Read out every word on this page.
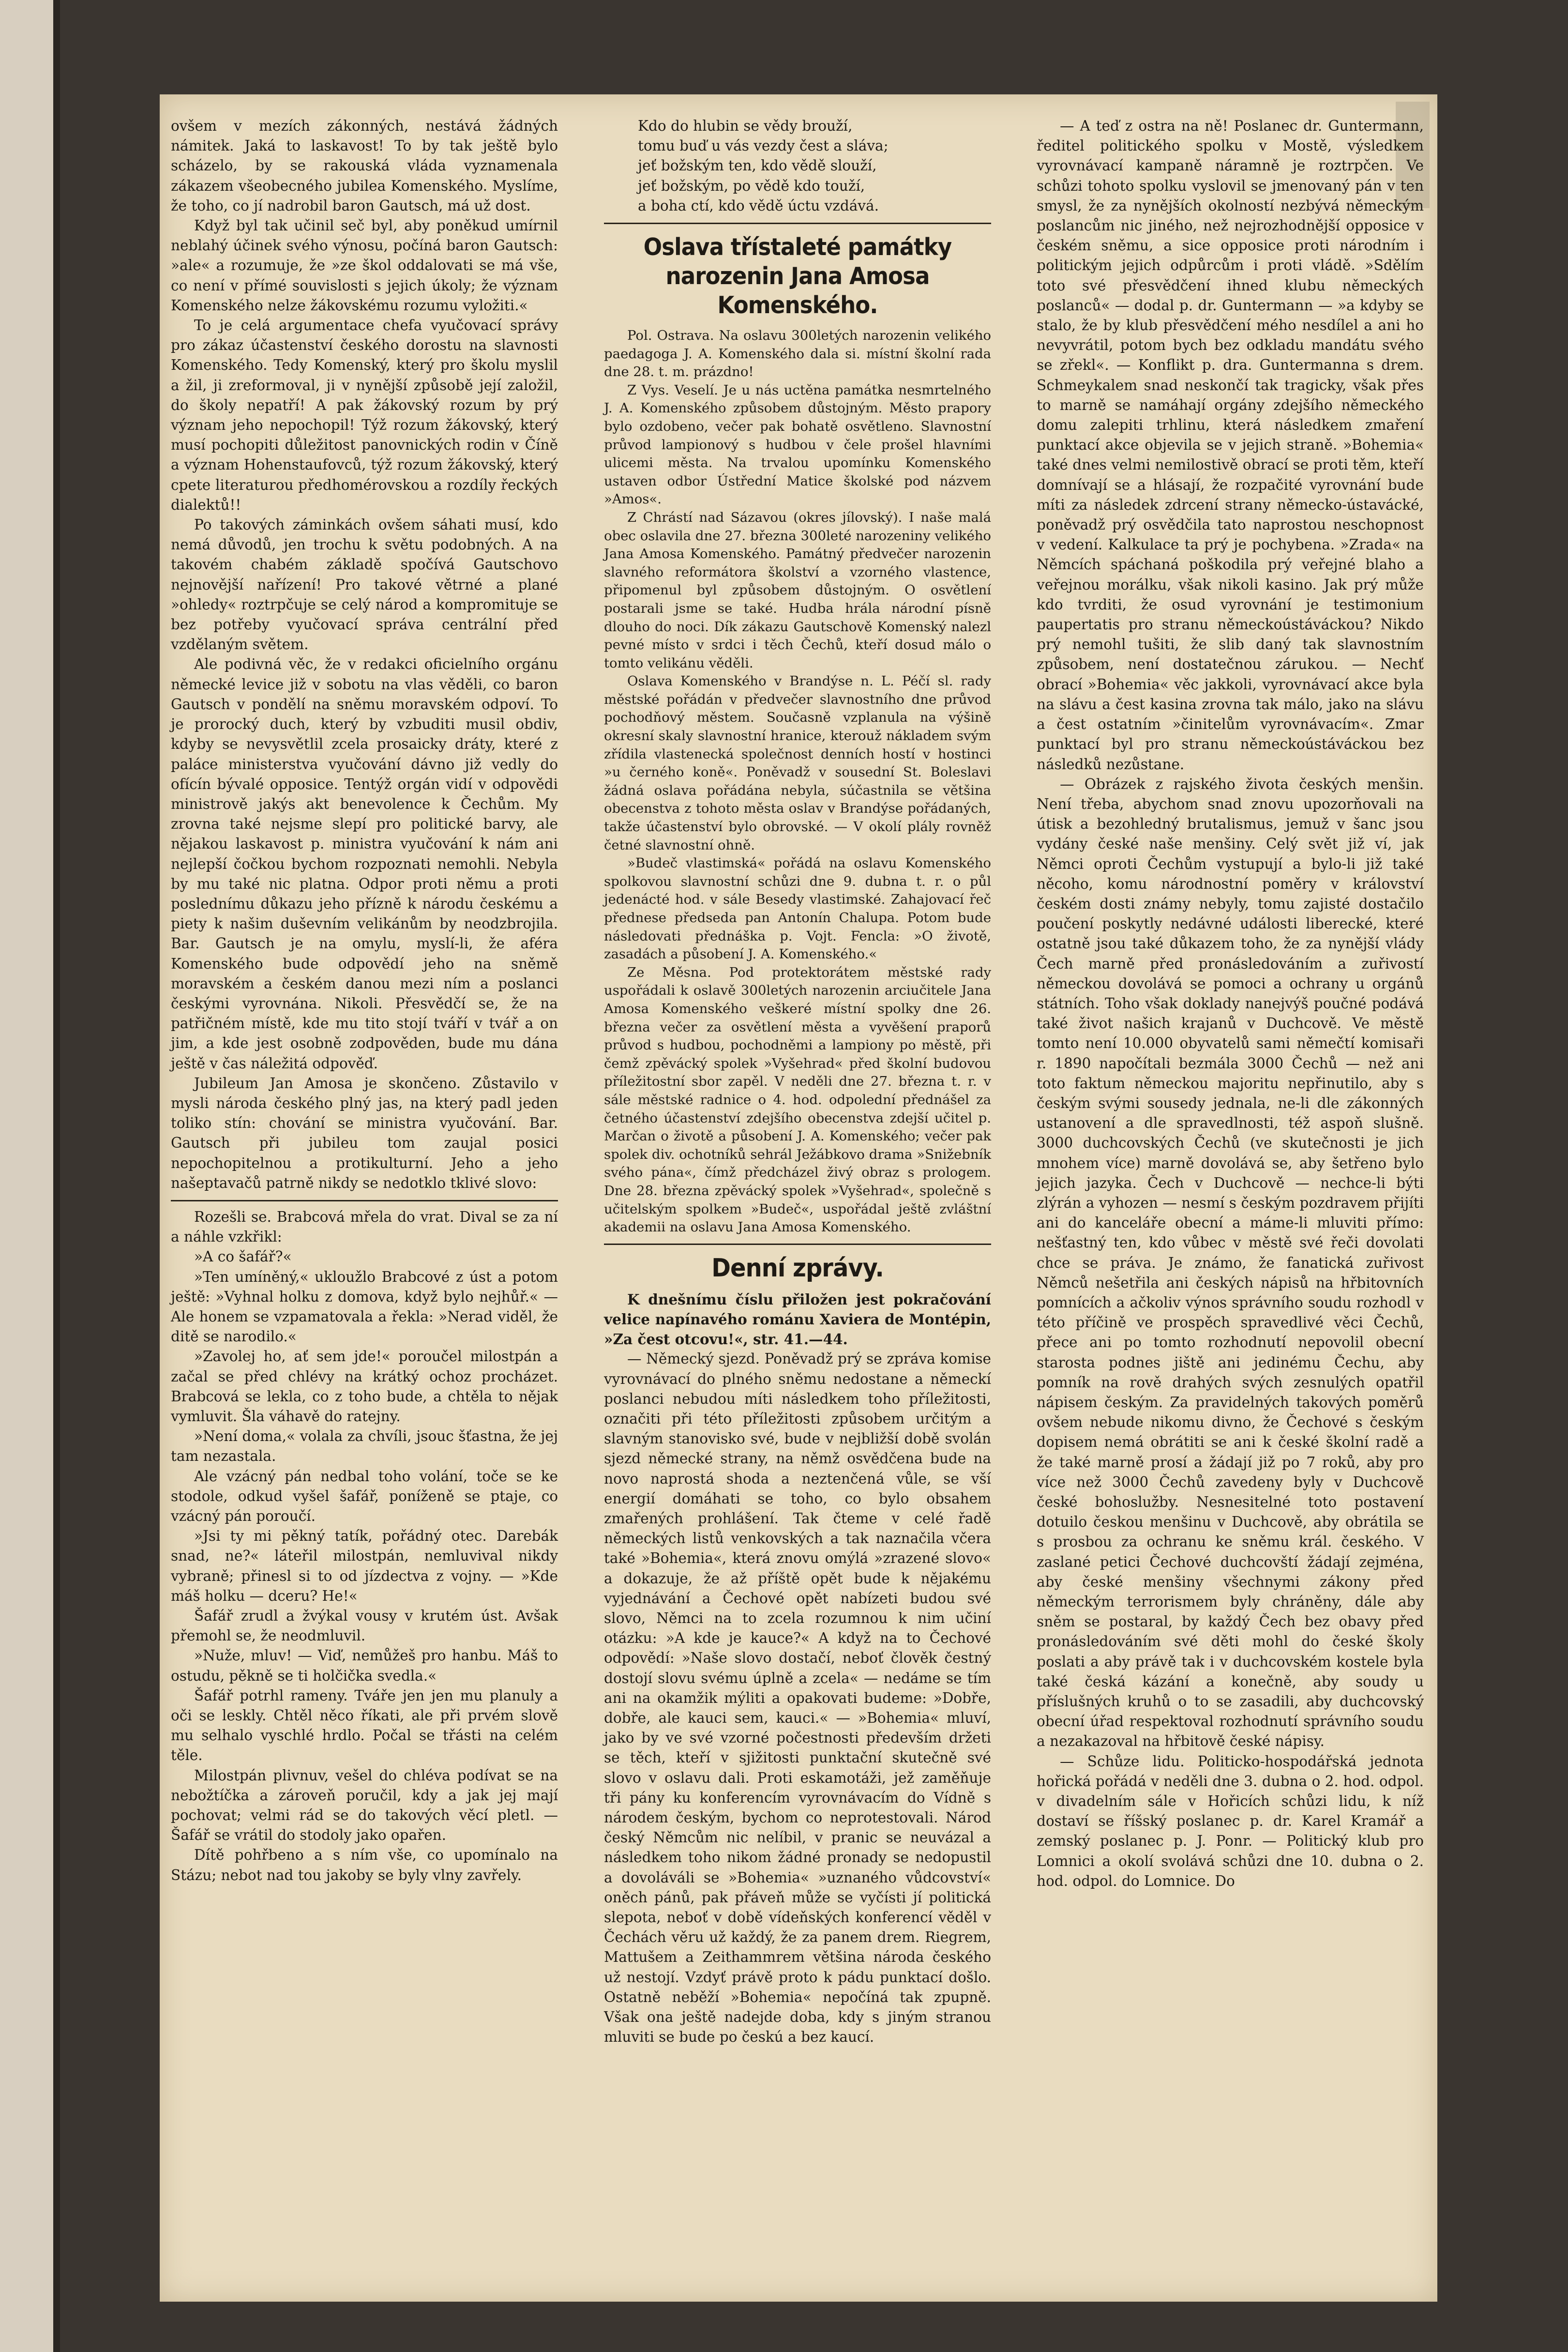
ovšem v mezích zákonných, nestává žádných námitek. Jaká to laskavost! To by tak ještě bylo scházelo, by se rakouská vláda vyznamenala zákazem všeobecného jubilea Komenského. Myslíme, že toho, co jí nadrobil baron Gautsch, má už dost.

Když byl tak učinil seč byl, aby poněkud umírnil neblahý účinek svého výnosu, počíná baron Gautsch: »ale« a rozumuje, že »ze škol oddalovati se má vše, co není v přímé souvislosti s jejich úkoly; že význam Komenského nelze žákovskému rozumu vyložiti.«

To je celá argumentace chefa vyučovací správy pro zákaz účastenství českého dorostu na slavnosti Komenského. Tedy Komenský, který pro školu myslil a žil, ji zreformoval, ji v nynější způsobě její založil, do školy nepatří! A pak žákovský rozum by prý význam jeho nepochopil! Týž rozum žákovský, který musí pochopiti důležitost panovnických rodin v Číně a význam Hohenstaufovců, týž rozum žákovský, který cpete literaturou předhomérovskou a rozdíly řeckých dialektů!!

Po takových záminkách ovšem sáhati musí, kdo nemá důvodů, jen trochu k světu podobných. A na takovém chabém základě spočívá Gautschovo nejnovější nařízení! Pro takové větrné a plané »ohledy« roztrpčuje se celý národ a kompromituje se bez potřeby vyučovací správa centrální před vzdělaným světem.

Ale podivná věc, že v redakci oficielního orgánu německé levice již v sobotu na vlas věděli, co baron Gautsch v pondělí na sněmu moravském odpoví. To je prorocký duch, který by vzbuditi musil obdiv, kdyby se nevysvětlil zcela prosaicky dráty, které z paláce ministerstva vyučování dávno již vedly do ofícín bývalé opposice. Tentýž orgán vidí v odpovědi ministrově jakýs akt benevolence k Čechům. My zrovna také nejsme slepí pro politické barvy, ale nějakou laskavost p. ministra vyučování k nám ani nejlepší čočkou bychom rozpoznati nemohli. Nebyla by mu také nic platna. Odpor proti němu a proti poslednímu důkazu jeho přízně k národu českému a piety k našim duševním velikánům by neodzbrojila. Bar. Gautsch je na omylu, myslí-li, že aféra Komenského bude odpovědí jeho na sněmě moravském a českém danou mezi ním a poslanci českými vyrovnána. Nikoli. Přesvědčí se, že na patřičném místě, kde mu tito stojí tváří v tvář a on jim, a kde jest osobně zodpověden, bude mu dána ještě v čas náležitá odpověď.

Jubileum Jan Amosa je skončeno. Zůstavilo v mysli národa českého plný jas, na který padl jeden toliko stín: chování se ministra vyučování. Bar. Gautsch při jubileu tom zaujal posici nepochopitelnou a protikulturní. Jeho a jeho našeptavačů patrně nikdy se nedotklo tklivé slovo:

Rozešli se. Brabcová mřela do vrat. Dival se za ní a náhle vzkřikl:

»A co šafář?«

»Ten umíněný,« ukloužlo Brabcové z úst a potom ještě: »Vyhnal holku z domova, když bylo nejhůř.« — Ale honem se vzpamatovala a řekla: »Nerad viděl, že ditě se narodilo.«

»Zavolej ho, ať sem jde!« poroučel milostpán a začal se před chlévy na krátký ochoz procházet. Brabcová se lekla, co z toho bude, a chtěla to nějak vymluvit. Šla váhavě do ratejny.

»Není doma,« volala za chvíli, jsouc šťastna, že jej tam nezastala.

Ale vzácný pán nedbal toho volání, toče se ke stodole, odkud vyšel šafář, poníženě se ptaje, co vzácný pán poroučí.

»Jsi ty mi pěkný tatík, pořádný otec. Darebák snad, ne?« láteřil milostpán, nemluvival nikdy vybraně; přinesl si to od jízdectva z vojny. — »Kde máš holku — dceru? He!«

Šafář zrudl a žvýkal vousy v krutém úst. Avšak přemohl se, že neodmluvil.

»Nuže, mluv! — Viď, nemůžeš pro hanbu. Máš to ostudu, pěkně se ti holčička svedla.«

Šafář potrhl rameny. Tváře jen jen mu planuly a oči se leskly. Chtěl něco říkati, ale při prvém slově mu selhalo vyschlé hrdlo. Počal se třásti na celém těle.

Milostpán plivnuv, vešel do chléva podívat se na nebožtíčka a zároveň poručil, kdy a jak jej mají pochovat; velmi rád se do takových věcí pletl. — Šafář se vrátil do stodoly jako opařen.

Dítě pohřbeno a s ním vše, co upomínalo na Stázu; nebot nad tou jakoby se byly vlny zavřely.

Kdo do hlubin se vědy brouží,

tomu buď u vás vezdy čest a sláva;

jeť božským ten, kdo vědě slouží,

jeť božským, po vědě kdo touží,

a boha ctí, kdo vědě úctu vzdává.

Oslava třístaleté památky narozenin Jana Amosa Komenského.

Pol. Ostrava. Na oslavu 300letých narozenin velikého paedagoga J. A. Komenského dala si. místní školní rada dne 28. t. m. prázdno!

Z Vys. Veselí. Je u nás uctěna památka nesmrtelného J. A. Komenského způsobem důstojným. Město prapory bylo ozdobeno, večer pak bohatě osvětleno. Slavnostní průvod lampionový s hudbou v čele prošel hlavními ulicemi města. Na trvalou upomínku Komenského ustaven odbor Ústřední Matice školské pod názvem »Amos«.

Z Chrástí nad Sázavou (okres jílovský). I naše malá obec oslavila dne 27. března 300leté narozeniny velikého Jana Amosa Komenského. Památný předvečer narozenin slavného reformátora školství a vzorného vlastence, připomenul byl způsobem důstojným. O osvětlení postarali jsme se také. Hudba hrála národní písně dlouho do noci. Dík zákazu Gautschově Komenský nalezl pevné místo v srdci i těch Čechů, kteří dosud málo o tomto velikánu věděli.

Oslava Komenského v Brandýse n. L. Péčí sl. rady městské pořádán v předvečer slavnostního dne průvod pochodňový městem. Současně vzplanula na výšině okresní skaly slavnostní hranice, kterouž nákladem svým zřídila vlastenecká společnost denních hostí v hostinci »u černého koně«. Poněvadž v sousední St. Boleslavi žádná oslava pořádána nebyla, súčastnila se většina obecenstva z tohoto města oslav v Brandýse pořádaných, takže účastenství bylo obrovské. — V okolí plály rovněž četné slavnostní ohně.

»Budeč vlastimská« pořádá na oslavu Komenského spolkovou slavnostní schůzi dne 9. dubna t. r. o půl jedenácté hod. v sále Besedy vlastimské. Zahajovací řeč přednese předseda pan Antonín Chalupa. Potom bude následovati přednáška p. Vojt. Fencla: »O životě, zasadách a působení J. A. Komenského.«

Ze Měsna. Pod protektorátem městské rady uspořádali k oslavě 300letých narozenin arciučitele Jana Amosa Komenského veškeré místní spolky dne 26. března večer za osvětlení města a vyvěšení praporů průvod s hudbou, pochodněmi a lampiony po městě, při čemž zpěvácký spolek »Vyšehrad« před školní budovou příležitostní sbor zapěl. V neděli dne 27. března t. r. v sále městské radnice o 4. hod. odpolední přednášel za četného účastenství zdejšího obecenstva zdejší učitel p. Marčan o životě a působení J. A. Komenského; večer pak spolek div. ochotníků sehrál Ježábkovo drama »Snižebník svého pána«, čímž předcházel živý obraz s prologem. Dne 28. března zpěvácký spolek »Vyšehrad«, společně s učitelským spolkem »Budeč«, uspořádal ještě zvláštní akademii na oslavu Jana Amosa Komenského.

Denní zprávy.

K dnešnímu číslu přiložen jest pokračování velice napínavého románu Xaviera de Montépin, »Za čest otcovu!«, str. 41.—44.

— Německý sjezd. Poněvadž prý se zpráva komise vyrovnávací do plného sněmu nedostane a německí poslanci nebudou míti následkem toho příležitosti, označiti při této příležitosti způsobem určitým a slavným stanovisko své, bude v nejbližší době svolán sjezd německé strany, na němž osvědčena bude na novo naprostá shoda a neztenčená vůle, se vší energií domáhati se toho, co bylo obsahem zmařených prohlášení. Tak čteme v celé řadě německých listů venkovských a tak naznačila včera také »Bohemia«, která znovu omýlá »zrazené slovo« a dokazuje, že až příště opět bude k nějakému vyjednávání a Čechové opět nabízeti budou své slovo, Němci na to zcela rozumnou k nim učiní otázku: »A kde je kauce?« A když na to Čechové odpovědí: »Naše slovo dostačí, neboť člověk čestný dostojí slovu svému úplně a zcela« — nedáme se tím ani na okamžik mýliti a opakovati budeme: »Dobře, dobře, ale kauci sem, kauci.« — »Bohemia« mluví, jako by ve své vzorné počestnosti především držeti se těch, kteří v sjižitosti punktační skutečně své slovo v oslavu dali. Proti eskamotáži, jež zaměňuje tři pány ku konferencím vyrovnávacím do Vídně s národem českým, bychom co neprotestovali. Národ český Němcům nic nelíbil, v pranic se neuvázal a následkem toho nikom žádné pronady se nedopustil a dovoláváli se »Bohemia« »uznaného vůdcovství« oněch pánů, pak přáveň může se vyčísti jí politická slepota, neboť v době vídeňských konferencí věděl v Čechách věru už každý, že za panem drem. Riegrem, Mattušem a Zeithammrem většina národa českého už nestojí. Vzdyť právě proto k pádu punktací došlo. Ostatně neběží »Bohemia« nepočíná tak zpupně. Však ona ještě nadejde doba, kdy s jiným stranou mluviti se bude po českú a bez kaucí.

— A teď z ostra na ně! Poslanec dr. Guntermann, ředitel politického spolku v Mostě, výsledkem vyrovnávací kampaně náramně je roztrpčen. Ve schůzi tohoto spolku vyslovil se jmenovaný pán v ten smysl, že za nynějších okolností nezbývá německým poslancům nic jiného, než nejrozhodnější opposice v českém sněmu, a sice opposice proti národním i politickým jejich odpůrcům i proti vládě. »Sdělím toto své přesvědčení ihned klubu německých poslanců« — dodal p. dr. Guntermann — »a kdyby se stalo, že by klub přesvědčení mého nesdílel a ani ho nevyvrátil, potom bych bez odkladu mandátu svého se zřekl«. — Konflikt p. dra. Guntermanna s drem. Schmeykalem snad neskončí tak tragicky, však přes to marně se namáhají orgány zdejšího německého domu zalepiti trhlinu, která následkem zmaření punktací akce objevila se v jejich straně. »Bohemia« také dnes velmi nemilostivě obrací se proti těm, kteří domnívají se a hlásají, že rozpačité vyrovnání bude míti za následek zdrcení strany německo-ústavácké, poněvadž prý osvědčila tato naprostou neschopnost v vedení. Kalkulace ta prý je pochybena. »Zrada« na Němcích spáchaná poškodila prý veřejné blaho a veřejnou morálku, však nikoli kasino. Jak prý může kdo tvrditi, že osud vyrovnání je testimonium paupertatis pro stranu německoústáváckou? Nikdo prý nemohl tušiti, že slib daný tak slavnostním způsobem, není dostatečnou zárukou. — Nechť obrací »Bohemia« věc jakkoli, vyrovnávací akce byla na slávu a čest kasina zrovna tak málo, jako na slávu a čest ostatním »činitelům vyrovnávacím«. Zmar punktací byl pro stranu německoústáváckou bez následků nezůstane.

— Obrázek z rajského života českých menšin. Není třeba, abychom snad znovu upozorňovali na útisk a bezohledný brutalismus, jemuž v šanc jsou vydány české naše menšiny. Celý svět již ví, jak Němci oproti Čechům vystupují a bylo-li již také něcoho, komu národnostní poměry v království českém dosti známy nebyly, tomu zajisté dostačilo poučení poskytly nedávné události liberecké, které ostatně jsou také důkazem toho, že za nynější vlády Čech marně před pronásledováním a zuřivostí německou dovolává se pomoci a ochrany u orgánů státních. Toho však doklady nanejvýš poučné podává také život našich krajanů v Duchcově. Ve městě tomto není 10.000 obyvatelů sami němečtí komisaři r. 1890 napočítali bezmála 3000 Čechů — než ani toto faktum německou majoritu nepřinutilo, aby s českým svými sousedy jednala, ne-li dle zákonných ustanovení a dle spravedlnosti, též aspoň slušně. 3000 duchcovských Čechů (ve skutečnosti je jich mnohem více) marně dovolává se, aby šetřeno bylo jejich jazyka. Čech v Duchcově — nechce-li býti zlýrán a vyhozen — nesmí s českým pozdravem přijíti ani do kanceláře obecní a máme-li mluviti přímo: nešťastný ten, kdo vůbec v městě své řeči dovolati chce se práva. Je známo, že fanatická zuřivost Němců nešetřila ani českých nápisů na hřbitovních pomnících a ačkoliv výnos správního soudu rozhodl v této příčině ve prospěch spravedlivé věci Čechů, přece ani po tomto rozhodnutí nepovolil obecní starosta podnes jiště ani jedinému Čechu, aby pomník na rově drahých svých zesnulých opatřil nápisem českým. Za pravidelných takových poměrů ovšem nebude nikomu divno, že Čechové s českým dopisem nemá obrátiti se ani k české školní radě a že také marně prosí a žádají již po 7 roků, aby pro více než 3000 Čechů zavedeny byly v Duchcově české bohoslužby. Nesnesitelné toto postavení dotuilo českou menšinu v Duchcově, aby obrátila se s prosbou za ochranu ke sněmu král. českého. V zaslané petici Čechové duchcovští žádají zejména, aby české menšiny všechnymi zákony před německým terrorismem byly chráněny, dále aby sněm se postaral, by každý Čech bez obavy před pronásledováním své děti mohl do české školy poslati a aby právě tak i v duchcovském kostele byla také česká kázání a konečně, aby soudy u příslušných kruhů o to se zasadili, aby duchcovský obecní úřad respektoval rozhodnutí správního soudu a nezakazoval na hřbitově české nápisy.

— Schůze lidu. Politicko-hospodářská jednota hořická pořádá v neděli dne 3. dubna o 2. hod. odpol. v divadelním sále v Hořicích schůzi lidu, k níž dostaví se říšský poslanec p. dr. Karel Kramář a zemský poslanec p. J. Ponr. — Politický klub pro Lomnici a okolí svolává schůzi dne 10. dubna o 2. hod. odpol. do Lomnice. Do
